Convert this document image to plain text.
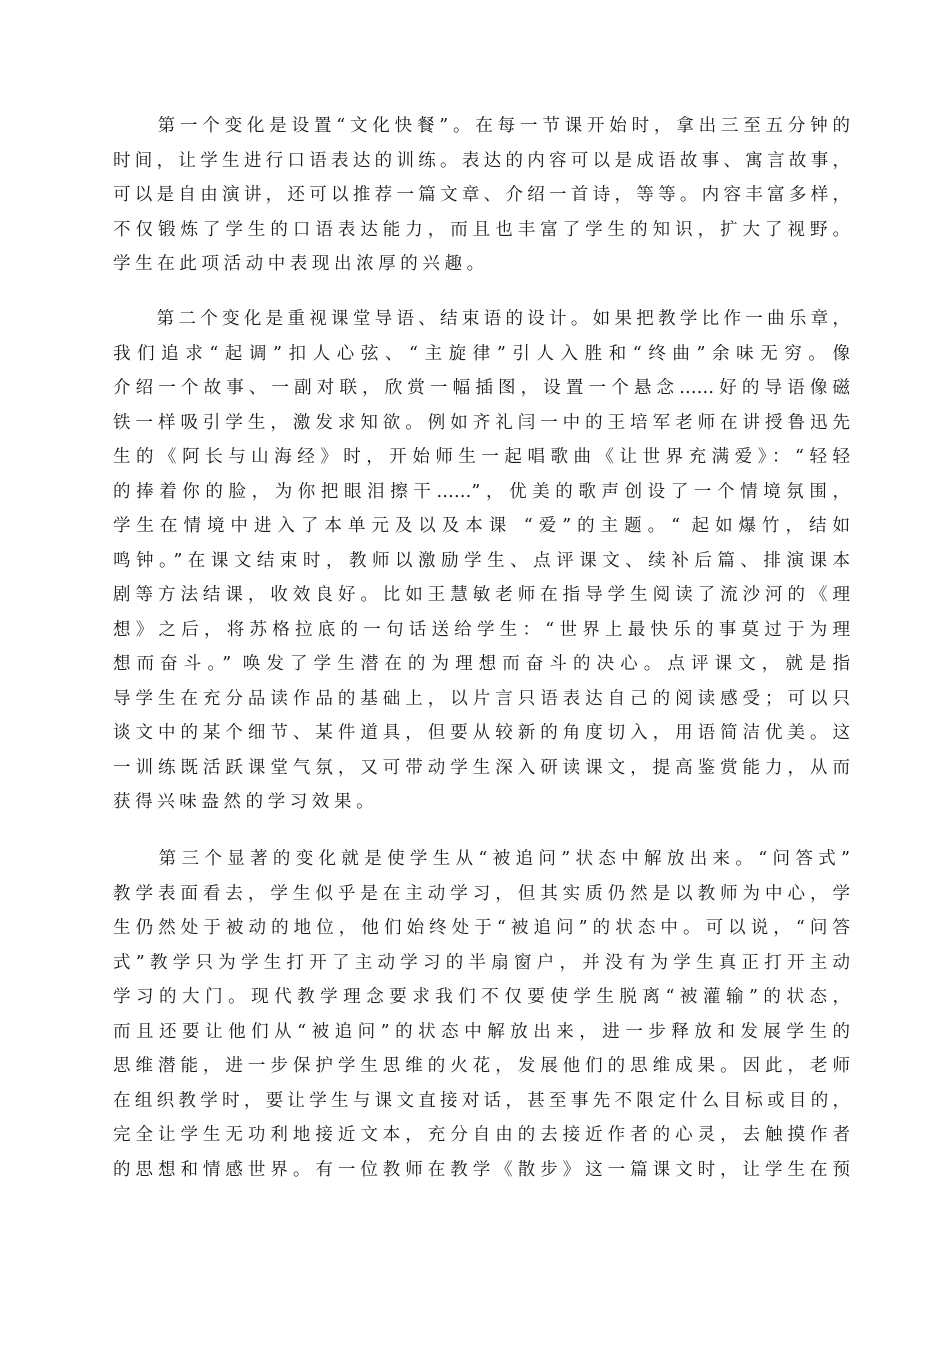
　　第一个变化是设置“文化快餐”。在每一节课开始时，拿出三至五分钟的
时间，让学生进行口语表达的训练。表达的内容可以是成语故事、寓言故事，
可以是自由演讲，还可以推荐一篇文章、介绍一首诗，等等。内容丰富多样，
不仅锻炼了学生的口语表达能力，而且也丰富了学生的知识，扩大了视野。
学生在此项活动中表现出浓厚的兴趣。
　　第二个变化是重视课堂导语、结束语的设计。如果把教学比作一曲乐章，
我们追求“起调”扣人心弦、“主旋律”引人入胜和“终曲”余味无穷。像
介绍一个故事、一副对联，欣赏一幅插图，设置一个悬念……好的导语像磁
铁一样吸引学生，激发求知欲。例如齐礼闫一中的王培军老师在讲授鲁迅先
生的《阿长与山海经》时，开始师生一起唱歌曲《让世界充满爱》：“轻轻
的捧着你的脸，为你把眼泪擦干……”，优美的歌声创设了一个情境氛围，
学生在情境中进入了本单元及以及本课 “爱”的主题。“ 起如爆竹，结如
鸣钟。”在课文结束时，教师以激励学生、点评课文、续补后篇、排演课本
剧等方法结课，收效良好。比如王慧敏老师在指导学生阅读了流沙河的《理
想》之后，将苏格拉底的一句话送给学生：“世界上最快乐的事莫过于为理
想而奋斗。” 唤发了学生潜在的为理想而奋斗的决心。点评课文，就是指
导学生在充分品读作品的基础上，以片言只语表达自己的阅读感受；可以只
谈文中的某个细节、某件道具，但要从较新的角度切入，用语简洁优美。这
一训练既活跃课堂气氛，又可带动学生深入研读课文，提高鉴赏能力，从而
获得兴味盎然的学习效果。
　　第三个显著的变化就是使学生从“被追问”状态中解放出来。“问答式”
教学表面看去，学生似乎是在主动学习，但其实质仍然是以教师为中心，学
生仍然处于被动的地位，他们始终处于“被追问”的状态中。可以说，“问答
式”教学只为学生打开了主动学习的半扇窗户，并没有为学生真正打开主动
学习的大门。现代教学理念要求我们不仅要使学生脱离“被灌输”的状态，
而且还要让他们从“被追问”的状态中解放出来，进一步释放和发展学生的
思维潜能，进一步保护学生思维的火花，发展他们的思维成果。因此，老师
在组织教学时，要让学生与课文直接对话，甚至事先不限定什么目标或目的，
完全让学生无功利地接近文本，充分自由的去接近作者的心灵，去触摸作者
的思想和情感世界。有一位教师在教学《散步》这一篇课文时，让学生在预
